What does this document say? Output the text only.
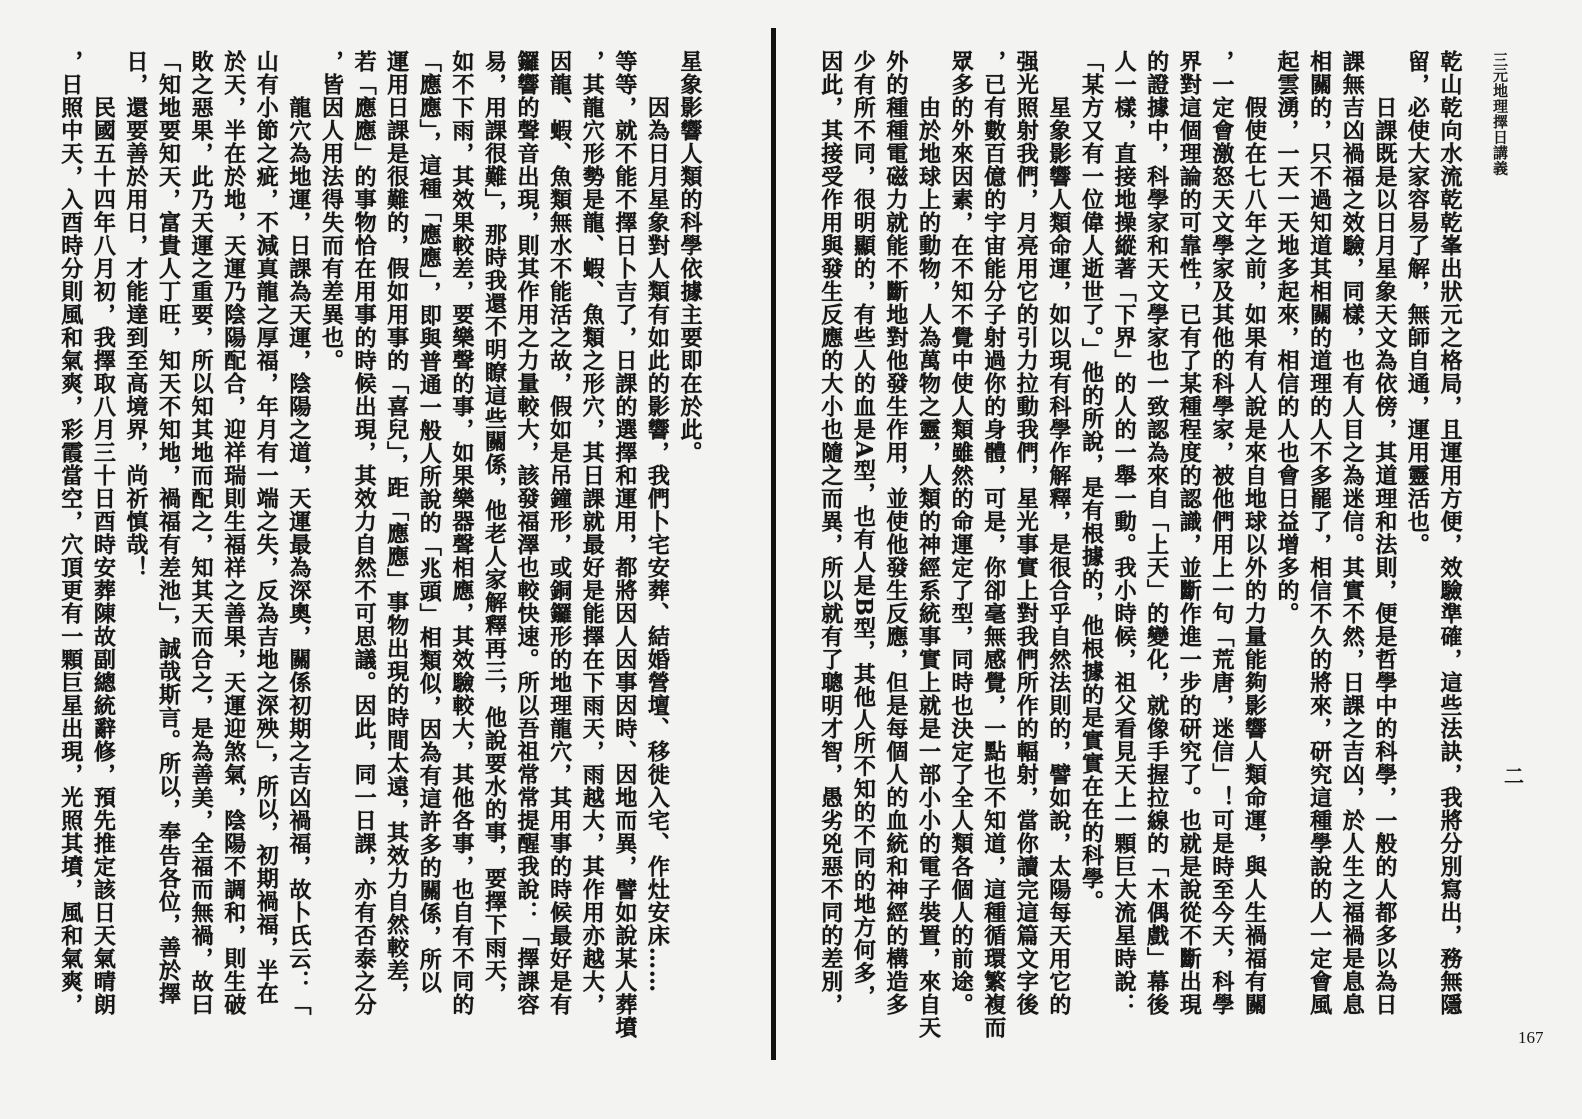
星象影響人類的科學依據主要即在於此。
因為日月星象對人類有如此的影響，我們卜宅安葬、結婚營壇、移徙入宅、作灶安床……
等等，就不能不擇日卜吉了，日課的選擇和運用，都將因人因事因時、因地而異，譬如說某人葬墳
，其龍穴形勢是龍、蝦、魚類之形穴，其日課就最好是能擇在下雨天，雨越大，其作用亦越大，
因龍、蝦、魚類無水不能活之故，假如是吊鐘形，或銅鑼形的地理龍穴，其用事的時候最好是有
鑼響的聲音出現，則其作用之力量較大，該發福澤也較快速。所以吾祖常常提醒我說：「擇課容
易，用課很難」，那時我還不明瞭這些關係，他老人家解釋再三，他說要水的事，要擇下雨天，
如不下雨，其效果較差，要樂聲的事，如果樂器聲相應，其效驗較大，其他各事，也自有不同的
「應應」，這種「應應」，即與普通一般人所說的「兆頭」相類似，因為有這許多的關係，所以
運用日課是很難的，假如用事的「喜兒」，距「應應」事物出現的時間太遠，其效力自然較差，
若「應應」的事物恰在用事的時候出現，其效力自然不可思議。因此，同一日課，亦有否泰之分
，皆因人用法得失而有差異也。
龍穴為地運，日課為天運，陰陽之道，天運最為深奧，關係初期之吉凶禍福，故卜氏云：「
山有小節之疵，不減真龍之厚福，年月有一端之失，反為吉地之深殃」，所以，初期禍福，半在
於天，半在於地，天運乃陰陽配合，迎祥瑞則生福祥之善果，天運迎煞氣，陰陽不調和，則生破
敗之惡果，此乃天運之重要，所以知其地而配之，知其天而合之，是為善美，全福而無禍，故曰
「知地要知天，富貴人丁旺，知天不知地，禍福有差池」，誠哉斯言。所以，奉告各位，善於擇
日，還要善於用日，才能達到至高境界，尚祈慎哉！
民國五十四年八月初，我擇取八月三十日酉時安葬陳故副總統辭修，預先推定該日天氣晴朗
，日照中天，入酉時分則風和氣爽，彩霞當空，穴頂更有一顆巨星出現，光照其墳，風和氣爽，	乾山乾向水流乾乾峯出狀元之格局，且運用方便，效驗準確，這些法訣，我將分別寫出，務無隱
留，必使大家容易了解，無師自通，運用靈活也。
日課既是以日月星象天文為依傍，其道理和法則，便是哲學中的科學，一般的人都多以為日
課無吉凶禍福之效驗，同樣，也有人目之為迷信。其實不然，日課之吉凶，於人生之福禍是息息
相關的，只不過知道其相關的道理的人不多罷了，相信不久的將來，研究這種學說的人一定會風
起雲湧，一天一天地多起來，相信的人也會日益增多的。
假使在七八年之前，如果有人說是來自地球以外的力量能夠影響人類命運，與人生禍福有關
，一定會激怒天文學家及其他的科學家，被他們用上一句「荒唐，迷信」！可是時至今天，科學
界對這個理論的可靠性，已有了某種程度的認識，並斷作進一步的研究了。也就是說從不斷出現
的證據中，科學家和天文學家也一致認為來自「上天」的變化，就像手握拉線的「木偶戲」幕後
人一樣，直接地操縱著「下界」的人的一舉一動。我小時候，祖父看見天上一顆巨大流星時說：
「某方又有一位偉人逝世了。」他的所說，是有根據的，他根據的是實實在在的科學。
星象影響人類命運，如以現有科學作解釋，是很合乎自然法則的，譬如說，太陽每天用它的
强光照射我們，月亮用它的引力拉動我們，星光事實上對我們所作的輻射，當你讀完這篇文字後
，已有數百億的宇宙能分子射過你的身體，可是，你卻毫無感覺，一點也不知道，這種循環繁複而
眾多的外來因素，在不知不覺中使人類雖然的命運定了型，同時也決定了全人類各個人的前途。
由於地球上的動物，人為萬物之靈，人類的神經系統事實上就是一部小小的電子裝置，來自天
外的種種電磁力就能不斷地對他發生作用，並使他發生反應，但是每個人的血統和神經的構造多
少有所不同，很明顯的，有些人的血是A型，也有人是B型，其他人所不知的不同的地方何多，
因此，其接受作用與發生反應的大小也隨之而異，所以就有了聰明才智，愚劣兇惡不同的差別，	三元地理擇日講義
二
167
